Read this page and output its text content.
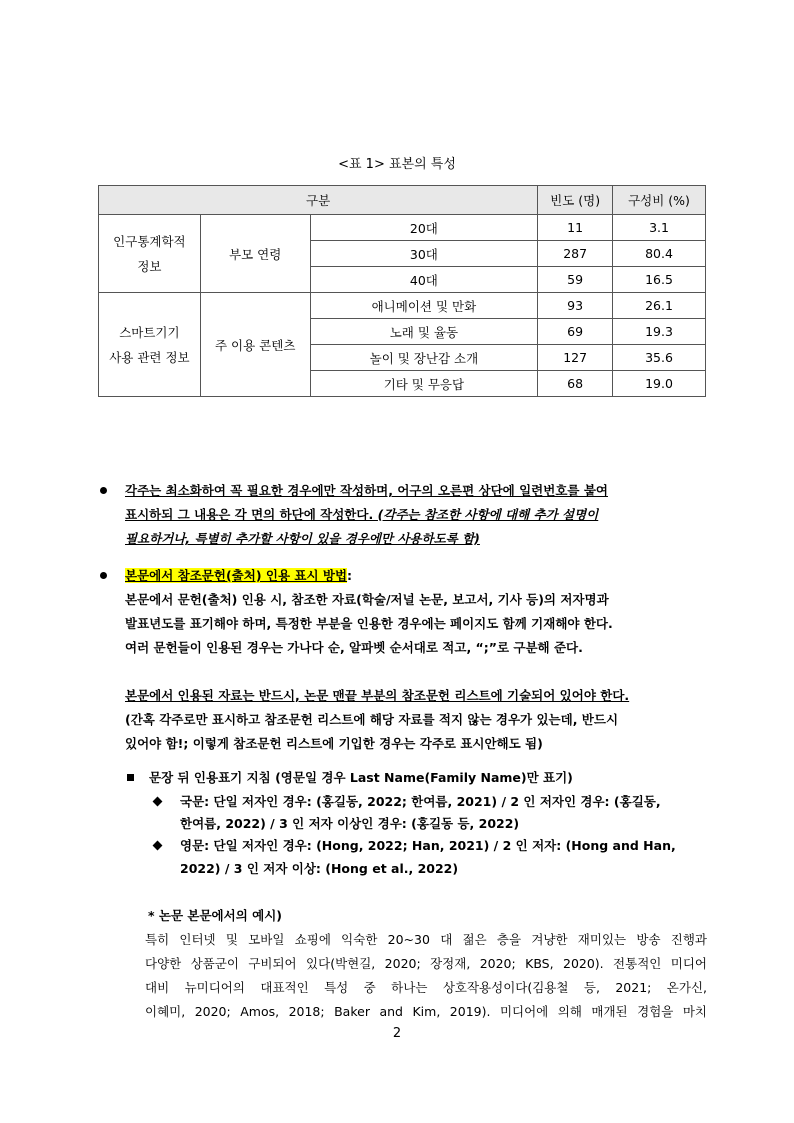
<표 1> 표본의 특성
구분			빈도 (명)	구성비 (%)

인구통계학적
정보	부모 연령	20대	11	3.1
		30대	287	80.4
		40대	59	16.5

스마트기기
사용 관련 정보	주 이용 콘텐츠	애니메이션 및 만화	93	26.1
		노래 및 율동	69	19.3
		놀이 및 장난감 소개	127	35.6
		기타 및 무응답	68	19.0
각주는 최소화하여 꼭 필요한 경우에만 작성하며, 어구의 오른편 상단에 일련번호를 붙여
표시하되 그 내용은 각 면의 하단에 작성한다. (각주는 참조한 사항에 대해 추가 설명이
필요하거나, 특별히 추가할 사항이 있을 경우에만 사용하도록 함)
본문에서 참조문헌(출처) 인용 표시 방법:
본문에서 문헌(출처) 인용 시, 참조한 자료(학술/저널 논문, 보고서, 기사 등)의 저자명과
발표년도를 표기해야 하며, 특정한 부분을 인용한 경우에는 페이지도 함께 기재해야 한다.
여러 문헌들이 인용된 경우는 가나다 순, 알파벳 순서대로 적고, “;”로 구분해 준다.
본문에서 인용된 자료는 반드시, 논문 맨끝 부분의 참조문헌 리스트에 기술되어 있어야 한다.
(간혹 각주로만 표시하고 참조문헌 리스트에 해당 자료를 적지 않는 경우가 있는데, 반드시
있어야 함!; 이렇게 참조문헌 리스트에 기입한 경우는 각주로 표시안해도 됨)
문장 뒤 인용표기 지침 (영문일 경우 Last Name(Family Name)만 표기)
국문: 단일 저자인 경우: (홍길동, 2022; 한여름, 2021) / 2 인 저자인 경우: (홍길동,
한여름, 2022) / 3 인 저자 이상인 경우: (홍길동 등, 2022)
영문: 단일 저자인 경우: (Hong, 2022; Han, 2021) / 2 인 저자: (Hong and Han,
2022) / 3 인 저자 이상: (Hong et al., 2022)
* 논문 본문에서의 예시)
특히 인터넷 및 모바일 쇼핑에 익숙한 20~30 대 젊은 층을 겨냥한 재미있는 방송 진행과
다양한 상품군이 구비되어 있다(박현길, 2020; 장정재, 2020; KBS, 2020). 전통적인 미디어
대비 뉴미디어의 대표적인 특성 중 하나는 상호작용성이다(김용철 등, 2021; 온가신,
이혜미, 2020; Amos, 2018; Baker and Kim, 2019). 미디어에 의해 매개된 경험을 마치
2
